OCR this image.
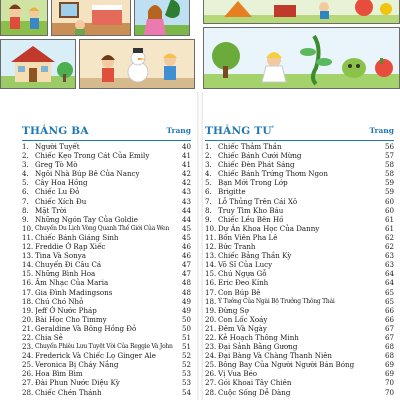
THÁNG BA	Trang
1. Người Tuyết	40
2. Chiếc Kẹo Trong Cát Của Emily	41
3. Greg Tò Mò	41
4. Ngôi Nhà Búp Bê Của Nancy	42
5. Cây Hoa Hồng	42
6. Chiếc Lu Đỏ	43
7. Chiếc Xích Đu	43
8. Mặt Trời	44
9. Những Ngón Tay Của Goldie	44
10. Chuyến Du Lịch Vòng Quanh Thế Giới Của Wen	45
11. Chiếc Bánh Giáng Sinh	45
12. Freddie Ở Rạp Xiếc	46
13. Tina Và Sonya	46
14. Chuyến Đi Câu Cá	47
15. Những Bình Hoa	47
16. Âm Nhạc Của Maria	48
17. Gia Đình Madingsons	48
18. Chú Chó Nhỏ	49
19. Jeff Ở Nước Pháp	49
20. Bài Học Cho Timmy	50
21. Geraldine Và Bông Hồng Đỏ	50
22. Chia Sẻ	51
23. Chuyến Phiêu Lưu Tuyệt Vời Của Reggie Và John	51
24. Frederick Và Chiếc Lọ Ginger Ale	52
25. Veronica Bị Cháy Nắng	52
26. Hoa Bìm Bìm	53
27. Đài Phun Nước Diệu Kỳ	53
28. Chiếc Chén Thánh	54
THÁNG TƯ	Trang
1. Chiếc Thảm Thần	56
2. Chiếc Bánh Cưới Mừng	57
3. Chiếc Đèn Phát Sáng	58
4. Chiếc Bánh Trứng Thơm Ngon	58
5. Bạn Mới Trong Lớp	59
6. Brigitte	59
7. Lỗ Thủng Trên Cái Xô	60
8. Truy Tìm Kho Báu	60
9. Chiếc Lều Bên Hồ	61
10. Dự Án Khoa Học Của Danny	61
11. Bốn Viên Pha Lê	62
12. Bức Tranh	62
13. Chiếc Bảng Thần Kỳ	63
14. Võ Sĩ Của Lucy	63
15. Chú Ngựa Gỗ	64
16. Eric Đeo Kính	64
17. Con Búp Bê	65
18. Ý Tưởng Của Ngài Bộ Trưởng Thông Thái	65
19. Đừng Sợ	66
20. Con Lốc Xoáy	66
21. Đêm Và Ngày	67
22. Kẻ Hoạch Thông Minh	67
23. Đại Sảnh Bằng Gương	68
24. Đại Bàng Và Chàng Thanh Niên	68
25. Bông Bay Của Người Người Bán Bóng	69
26. Vị Vua Béo	69
27. Gói Khoai Tây Chiên	70
28. Cuộc Sống Dễ Dàng	70
